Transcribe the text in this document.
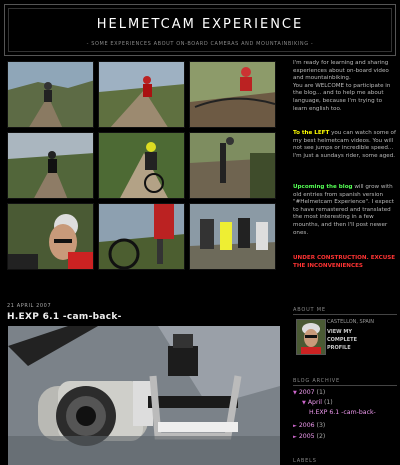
HELMETCAM EXPERIENCE
- SOME EXPERIENCES ABOUT ON-BOARD CAMERAS AND MOUNTAINBIKING -

I'm ready for learning and sharing experiences about on-board video and mountainbiking.

You are WELCOME to participate in the blog... and to help me about language, because I'm trying to learn english too.

To the LEFT you can watch some of my best helmetcam videos. You will not see jumps or incredible speed... I'm just a sundays rider, some aged.
Upcoming the blog will grow with old entries from spanish version "#Helmetcam Experience". I expect to have remastered and translated the most interesting in a few mounths, and then I'll post newer ones.
UNDER CONSTRUCTION. EXCUSE THE INCONVENIENCES
21 APRIL 2007
H.EXP 6.1 -cam-back-
ABOUT ME
CASTELLON, SPAIN
VIEW MY COMPLETE PROFILE
BLOG ARCHIVE
▼ 2007 (1)
▼ April (1)
H.EXP 6.1 -cam-back-
► 2006 (3)
► 2005 (2)
LABELS
